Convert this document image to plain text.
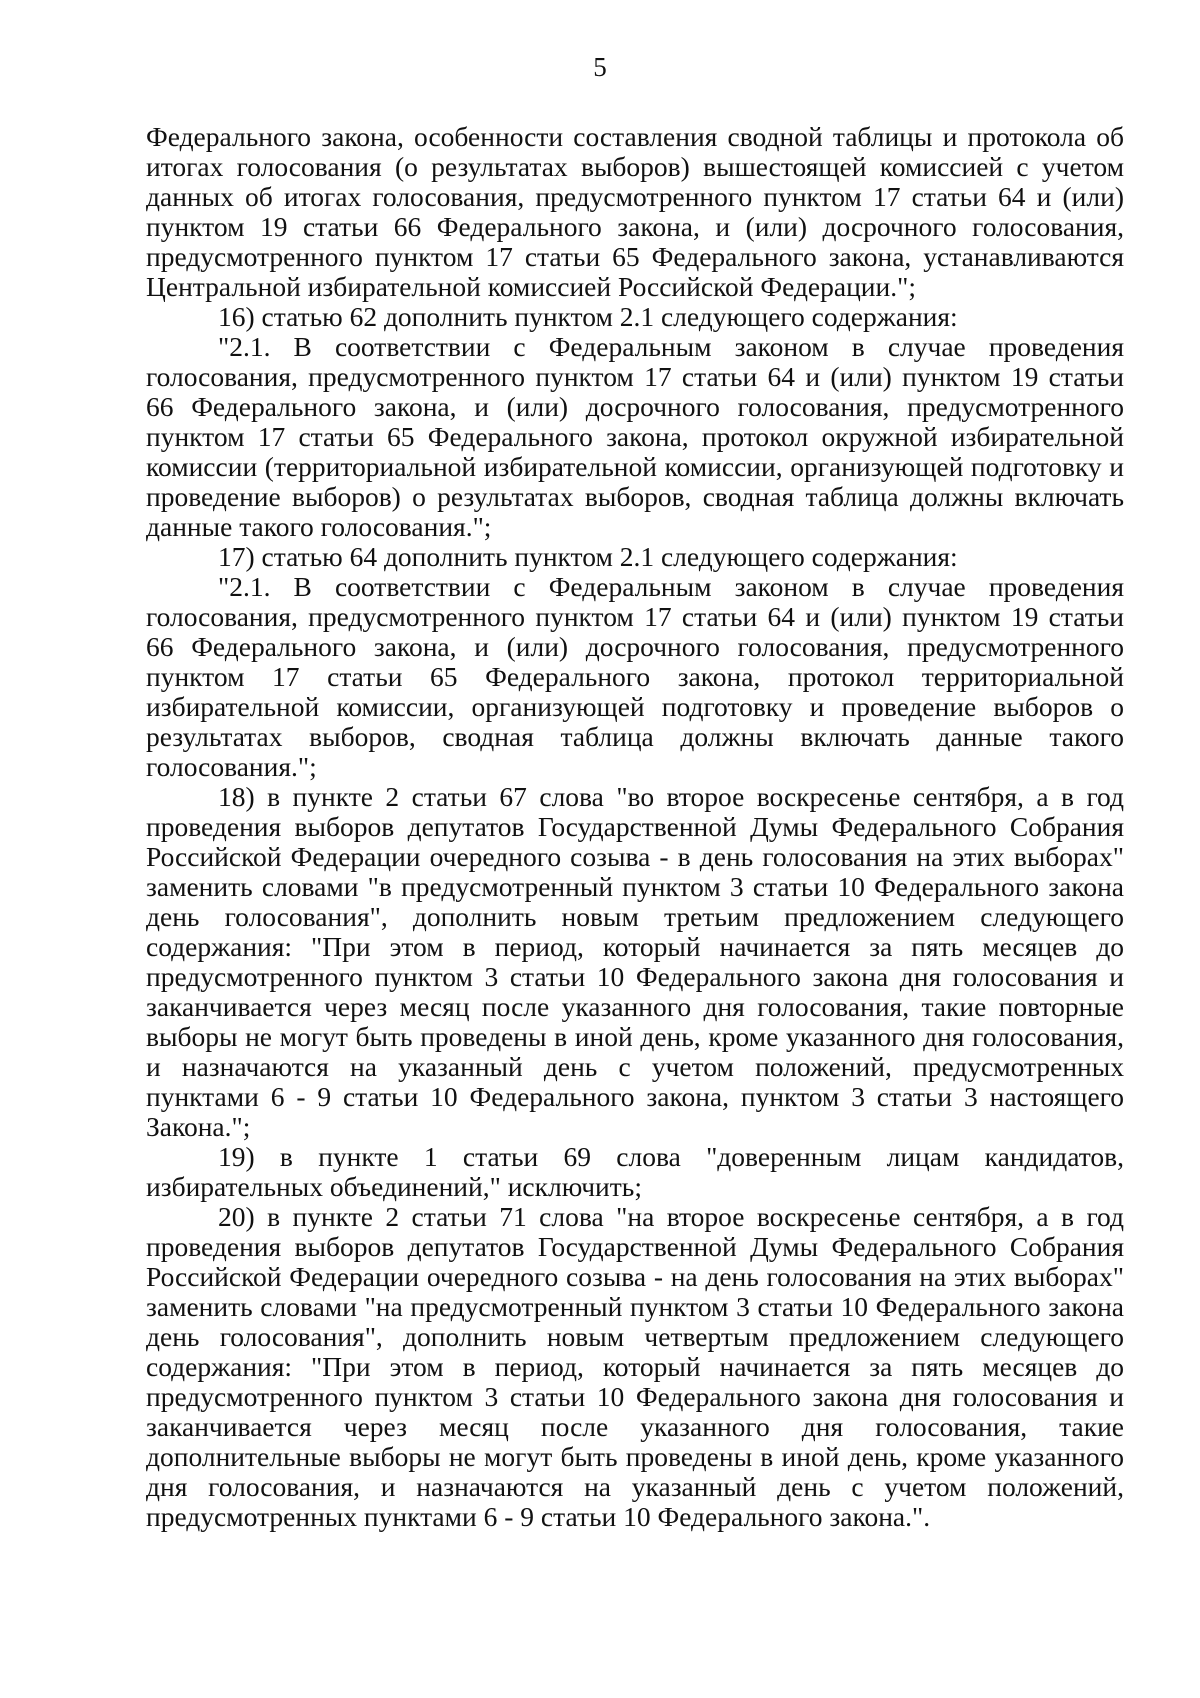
5

Федерального закона, особенности составления сводной таблицы и протокола об итогах голосования (о результатах выборов) вышестоящей комиссией с учетом данных об итогах голосования, предусмотренного пунктом 17 статьи 64 и (или) пунктом 19 статьи 66 Федерального закона, и (или) досрочного голосования, предусмотренного пунктом 17 статьи 65 Федерального закона, устанавливаются Центральной избирательной комиссией Российской Федерации.";

16) статью 62 дополнить пунктом 2.1 следующего содержания:

"2.1. В соответствии с Федеральным законом в случае проведения голосования, предусмотренного пунктом 17 статьи 64 и (или) пунктом 19 статьи 66 Федерального закона, и (или) досрочного голосования, предусмотренного пунктом 17 статьи 65 Федерального закона, протокол окружной избирательной комиссии (территориальной избирательной комиссии, организующей подготовку и проведение выборов) о результатах выборов, сводная таблица должны включать данные такого голосования.";

17) статью 64 дополнить пунктом 2.1 следующего содержания:

"2.1. В соответствии с Федеральным законом в случае проведения голосования, предусмотренного пунктом 17 статьи 64 и (или) пунктом 19 статьи 66 Федерального закона, и (или) досрочного голосования, предусмотренного пунктом 17 статьи 65 Федерального закона, протокол территориальной избирательной комиссии, организующей подготовку и проведение выборов о результатах выборов, сводная таблица должны включать данные такого голосования.";

18) в пункте 2 статьи 67 слова "во второе воскресенье сентября, а в год проведения выборов депутатов Государственной Думы Федерального Собрания Российской Федерации очередного созыва - в день голосования на этих выборах" заменить словами "в предусмотренный пунктом 3 статьи 10 Федерального закона день голосования", дополнить новым третьим предложением следующего содержания: "При этом в период, который начинается за пять месяцев до предусмотренного пунктом 3 статьи 10 Федерального закона дня голосования и заканчивается через месяц после указанного дня голосования, такие повторные выборы не могут быть проведены в иной день, кроме указанного дня голосования, и назначаются на указанный день с учетом положений, предусмотренных пунктами 6 - 9 статьи 10 Федерального закона, пунктом 3 статьи 3 настоящего Закона.";

19) в пункте 1 статьи 69 слова "доверенным лицам кандидатов, избирательных объединений," исключить;

20) в пункте 2 статьи 71 слова "на второе воскресенье сентября, а в год проведения выборов депутатов Государственной Думы Федерального Собрания Российской Федерации очередного созыва - на день голосования на этих выборах" заменить словами "на предусмотренный пунктом 3 статьи 10 Федерального закона день голосования", дополнить новым четвертым предложением следующего содержания: "При этом в период, который начинается за пять месяцев до предусмотренного пунктом 3 статьи 10 Федерального закона дня голосования и заканчивается через месяц после указанного дня голосования, такие дополнительные выборы не могут быть проведены в иной день, кроме указанного дня голосования, и назначаются на указанный день с учетом положений, предусмотренных пунктами 6 - 9 статьи 10 Федерального закона.".
